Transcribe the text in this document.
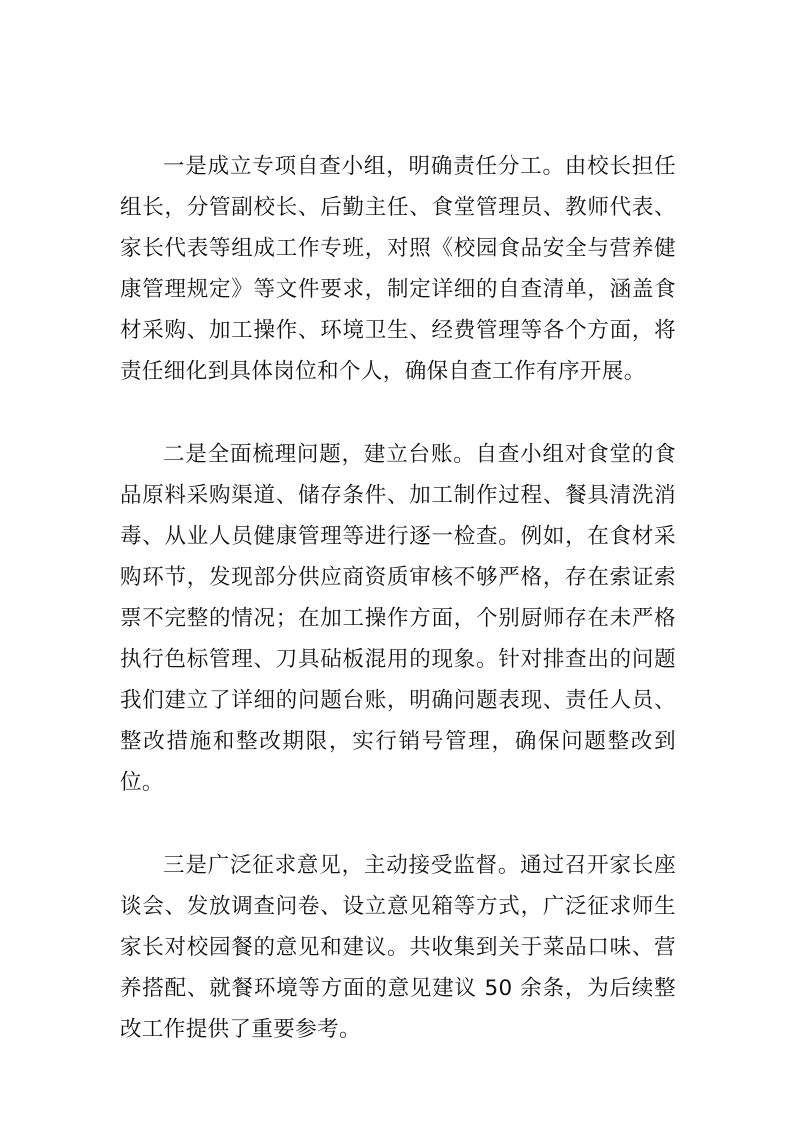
一是成立专项自查小组，明确责任分工。由校长担任组长，分管副校长、后勤主任、食堂管理员、教师代表、家长代表等组成工作专班，对照《校园食品安全与营养健康管理规定》等文件要求，制定详细的自查清单，涵盖食材采购、加工操作、环境卫生、经费管理等各个方面，将责任细化到具体岗位和个人，确保自查工作有序开展。

二是全面梳理问题，建立台账。自查小组对食堂的食品原料采购渠道、储存条件、加工制作过程、餐具清洗消毒、从业人员健康管理等进行逐一检查。例如，在食材采购环节，发现部分供应商资质审核不够严格，存在索证索票不完整的情况；在加工操作方面，个别厨师存在未严格执行色标管理、刀具砧板混用的现象。针对排查出的问题我们建立了详细的问题台账，明确问题表现、责任人员、整改措施和整改期限，实行销号管理，确保问题整改到位。

三是广泛征求意见，主动接受监督。通过召开家长座谈会、发放调查问卷、设立意见箱等方式，广泛征求师生家长对校园餐的意见和建议。共收集到关于菜品口味、营养搭配、就餐环境等方面的意见建议 50 余条，为后续整改工作提供了重要参考。
